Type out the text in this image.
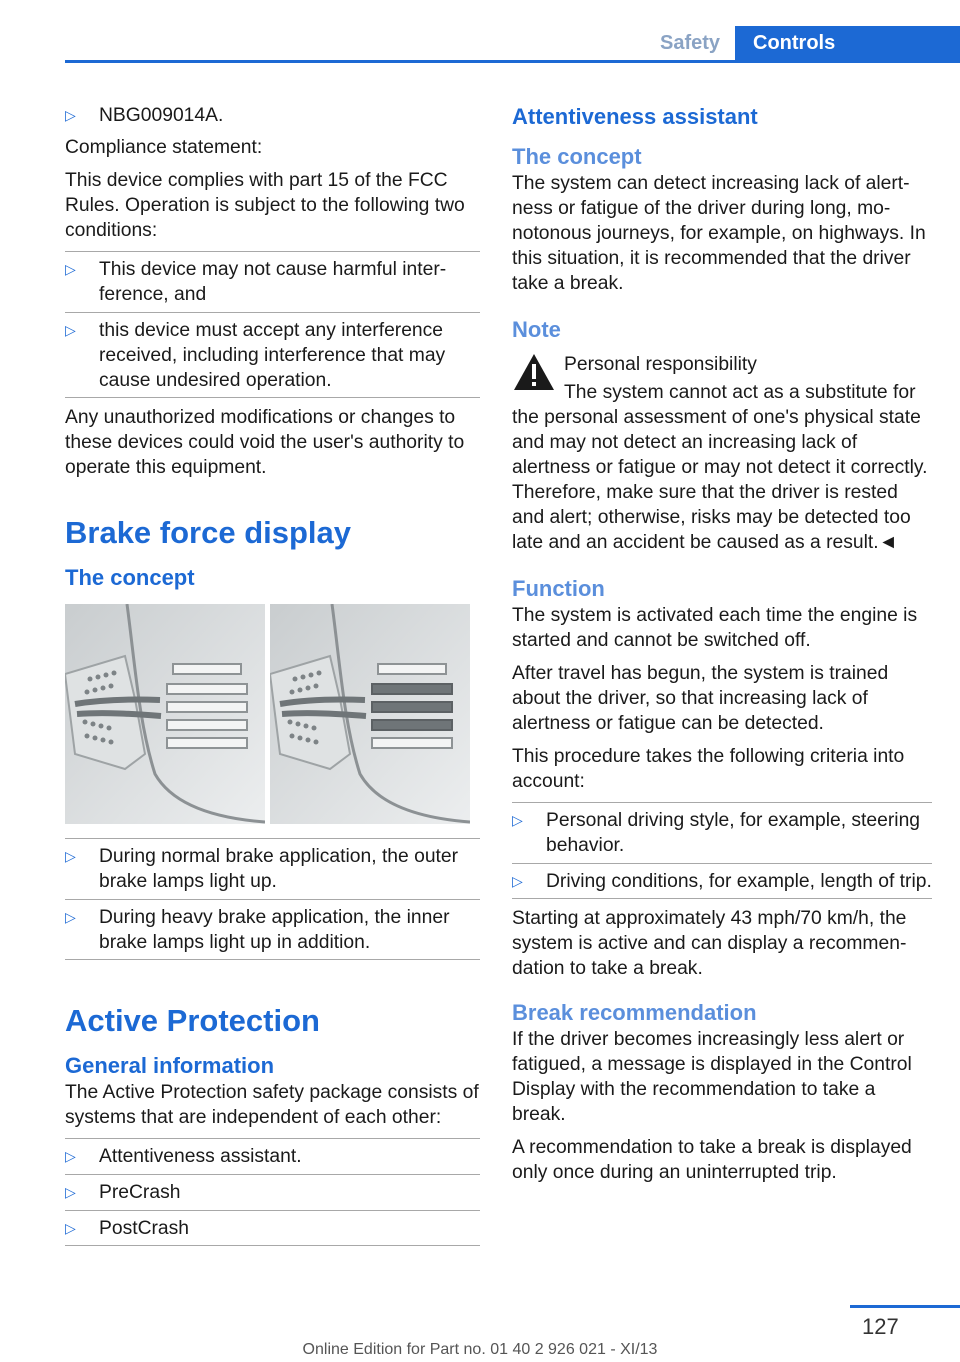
Safety	Controls
▷ NBG009014A.

Compliance statement:

This device complies with part 15 of the FCC Rules. Operation is subject to the following two conditions:

▷ This device may not cause harmful interference, and
▷ this device must accept any interference received, including interference that may cause undesired operation.

Any unauthorized modifications or changes to these devices could void the user's authority to operate this equipment.

Brake force display
The concept
▷ During normal brake application, the outer brake lamps light up.
▷ During heavy brake application, the inner brake lamps light up in addition.
Active Protection
General information

The Active Protection safety package consists of systems that are independent of each other:

▷ Attentiveness assistant.
▷ PreCrash
▷ PostCrash
Attentiveness assistant
The concept

The system can detect increasing lack of alertness or fatigue of the driver during long, monotonous journeys, for example, on highways. In this situation, it is recommended that the driver take a break.

Note

Personal responsibility

The system cannot act as a substitute for the personal assessment of one's physical state and may not detect an increasing lack of alertness or fatigue or may not detect it correctly. Therefore, make sure that the driver is rested and alert; otherwise, risks may be detected too late and an accident be caused as a result.◄

Function

The system is activated each time the engine is started and cannot be switched off.

After travel has begun, the system is trained about the driver, so that increasing lack of alertness or fatigue can be detected.

This procedure takes the following criteria into account:

▷ Personal driving style, for example, steering behavior.
▷ Driving conditions, for example, length of trip.

Starting at approximately 43 mph/70 km/h, the system is active and can display a recommendation to take a break.

Break recommendation

If the driver becomes increasingly less alert or fatigued, a message is displayed in the Control Display with the recommendation to take a break.

A recommendation to take a break is displayed only once during an uninterrupted trip.

127
Online Edition for Part no. 01 40 2 926 021 - XI/13
